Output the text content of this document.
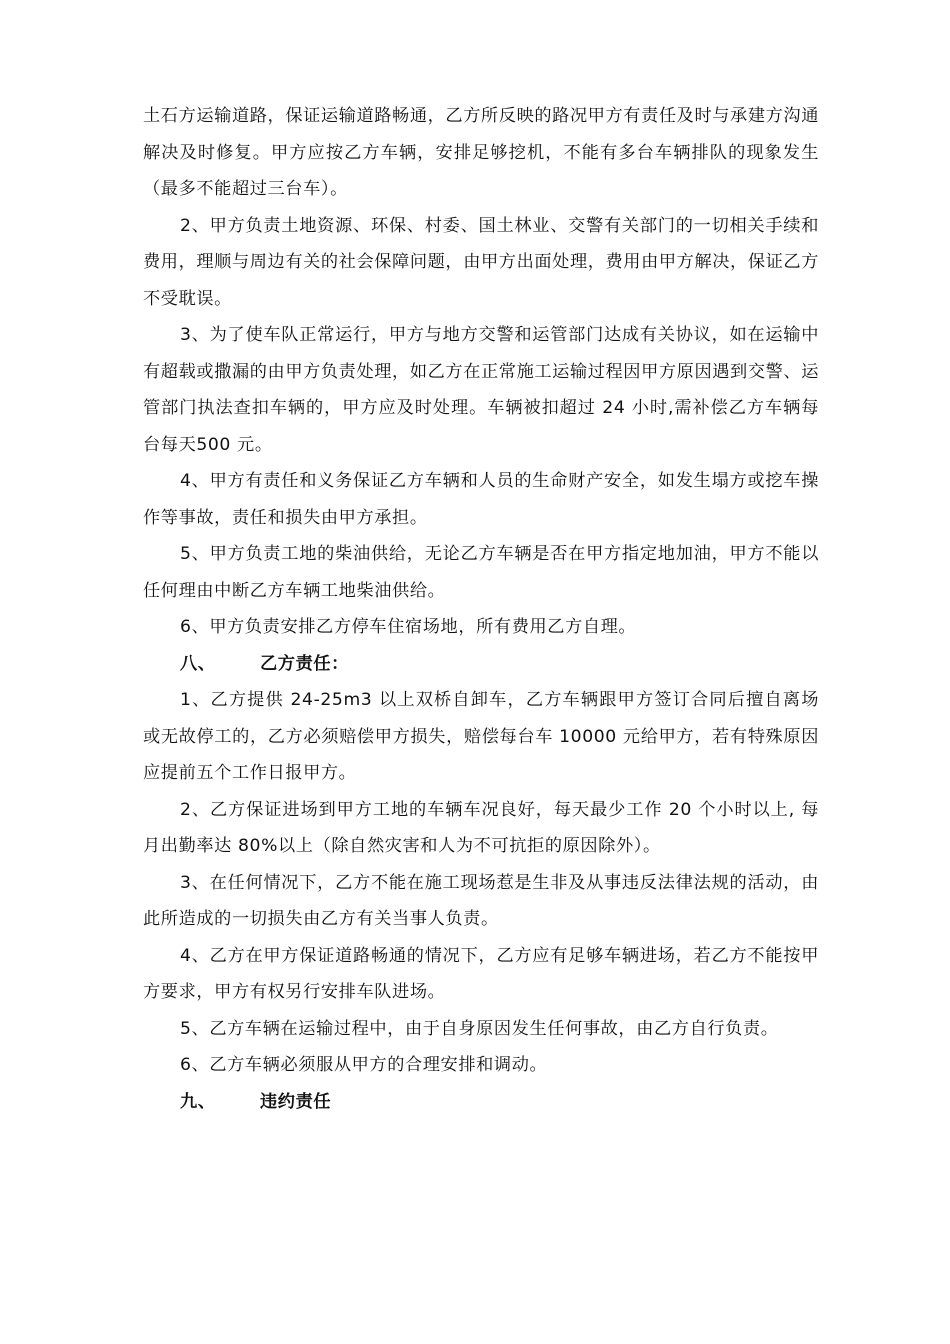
土石方运输道路，保证运输道路畅通，乙方所反映的路况甲方有责任及时与承建方沟通解决及时修复。甲方应按乙方车辆，安排足够挖机，不能有多台车辆排队的现象发生（最多不能超过三台车）。

2、甲方负责土地资源、环保、村委、国土林业、交警有关部门的一切相关手续和费用，理顺与周边有关的社会保障问题，由甲方出面处理，费用由甲方解决，保证乙方不受耽误。

3、为了使车队正常运行，甲方与地方交警和运管部门达成有关协议，如在运输中有超载或撒漏的由甲方负责处理，如乙方在正常施工运输过程因甲方原因遇到交警、运管部门执法查扣车辆的，甲方应及时处理。车辆被扣超过 24 小时,需补偿乙方车辆每台每天500 元。

4、甲方有责任和义务保证乙方车辆和人员的生命财产安全，如发生塌方或挖车操作等事故，责任和损失由甲方承担。

5、甲方负责工地的柴油供给，无论乙方车辆是否在甲方指定地加油，甲方不能以任何理由中断乙方车辆工地柴油供给。

6、甲方负责安排乙方停车住宿场地，所有费用乙方自理。

八、	乙方责任：

1、乙方提供 24-25m3 以上双桥自卸车，乙方车辆跟甲方签订合同后擅自离场或无故停工的，乙方必须赔偿甲方损失，赔偿每台车 10000 元给甲方，若有特殊原因应提前五个工作日报甲方。

2、乙方保证进场到甲方工地的车辆车况良好，每天最少工作 20 个小时以上, 每月出勤率达 80%以上（除自然灾害和人为不可抗拒的原因除外）。

3、在任何情况下，乙方不能在施工现场惹是生非及从事违反法律法规的活动，由此所造成的一切损失由乙方有关当事人负责。

4、乙方在甲方保证道路畅通的情况下，乙方应有足够车辆进场，若乙方不能按甲方要求，甲方有权另行安排车队进场。

5、乙方车辆在运输过程中，由于自身原因发生任何事故，由乙方自行负责。

6、乙方车辆必须服从甲方的合理安排和调动。

九、	违约责任
